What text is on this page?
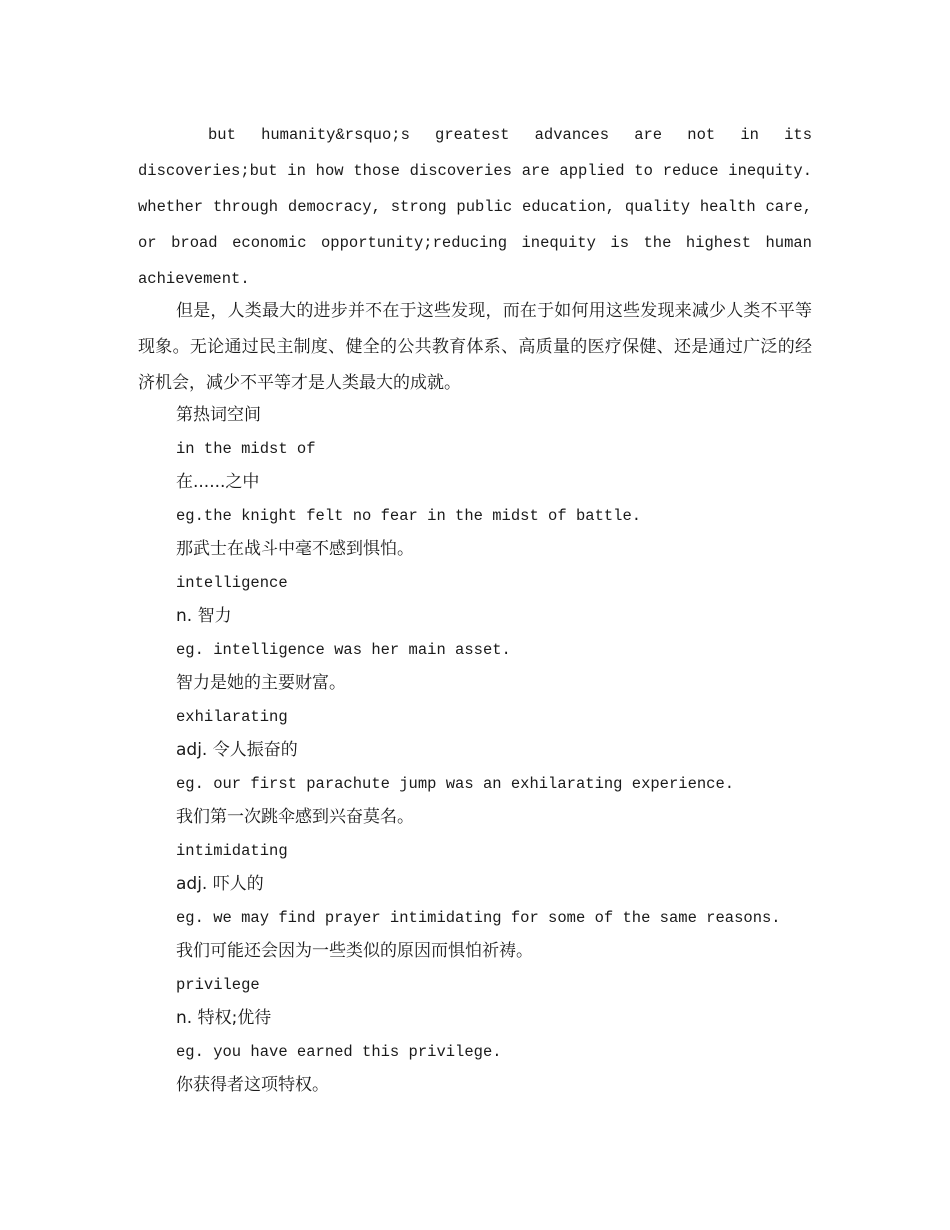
but humanity&rsquo;s greatest advances are not in its discoveries;but in how those discoveries are applied to reduce inequity. whether through democracy, strong public education, quality health care, or broad economic opportunity;reducing inequity is the highest human achievement.

但是，人类最大的进步并不在于这些发现，而在于如何用这些发现来减少人类不平等现象。无论通过民主制度、健全的公共教育体系、高质量的医疗保健、还是通过广泛的经济机会，减少不平等才是人类最大的成就。

第热词空间
in the midst of
在......之中
eg.the knight felt no fear in the midst of battle.
那武士在战斗中毫不感到惧怕。
intelligence
n. 智力
eg. intelligence was her main asset.
智力是她的主要财富。
exhilarating
adj. 令人振奋的
eg. our first parachute jump was an exhilarating experience.
我们第一次跳伞感到兴奋莫名。
intimidating
adj. 吓人的
eg. we may find prayer intimidating for some of the same reasons.
我们可能还会因为一些类似的原因而惧怕祈祷。
privilege
n. 特权;优待
eg. you have earned this privilege.
你获得者这项特权。
